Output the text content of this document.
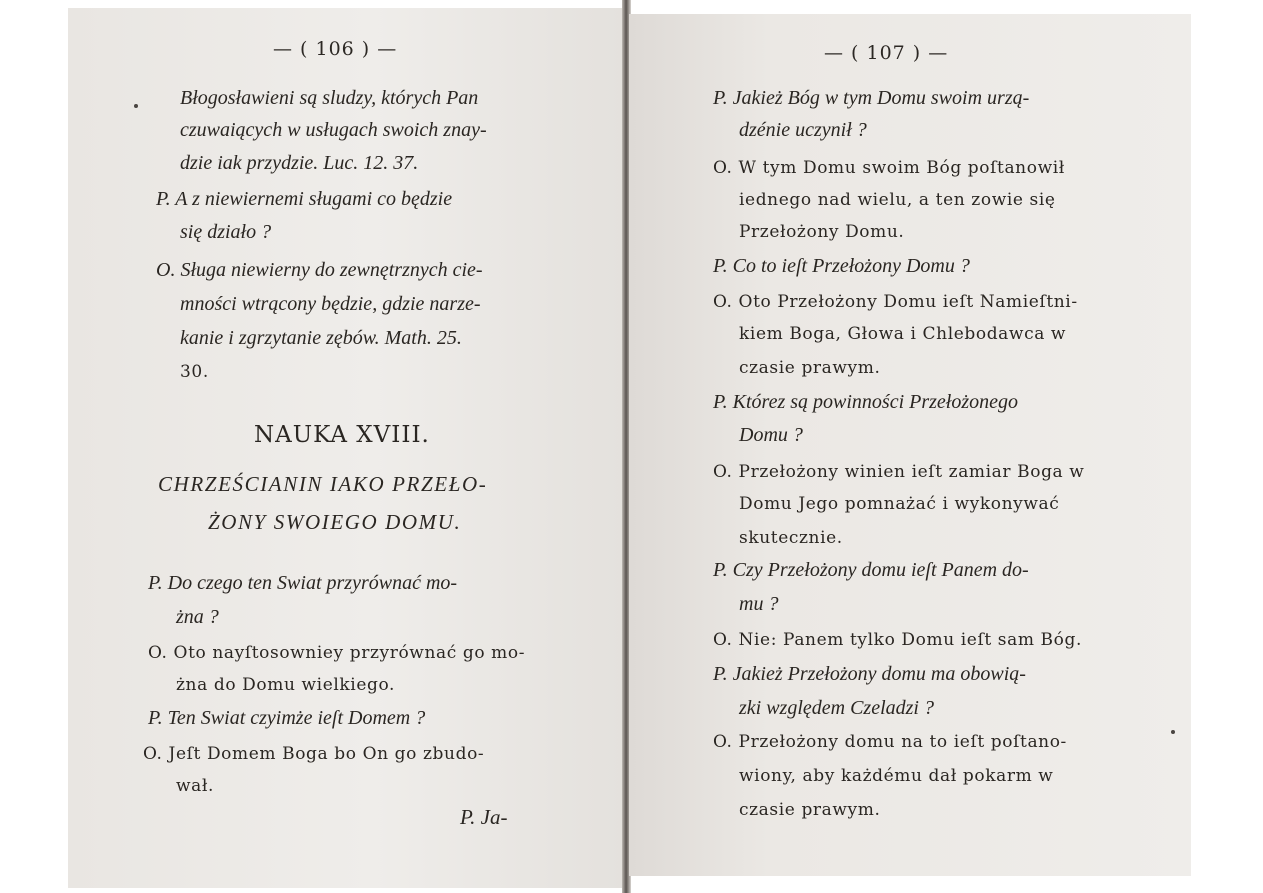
— ( 106 ) —
Błogosławieni są sludzy, których Pan
czuwaiących w usługach swoich znay-
dzie iak przydzie. Luc. 12. 37.
P. A z niewiernemi sługami co będzie
się działo ?
O. Sługa niewierny do zewnętrznych cie-
mności wtrącony będzie, gdzie narze-
kanie i zgrzytanie zębów. Math. 25.
30.
NAUKA XVIII.
CHRZEŚCIANIN IAKO PRZEŁO-
ŻONY SWOIEGO DOMU.
P. Do czego ten Swiat przyrównać mo-
żna ?
O. Oto nayſtosowniey przyrównać go mo-
żna do Domu wielkiego.
P. Ten Swiat czyimże ieſt Domem ?
O. Jeſt Domem Boga bo On go zbudo-
wał.
P. Ja-
— ( 107 ) —
P. Jakież Bóg w tym Domu swoim urzą-
dzénie uczynił ?
O. W tym Domu swoim Bóg poſtanowił
iednego nad wielu, a ten zowie się
Przełożony Domu.
P. Co to ieſt Przełożony Domu ?
O. Oto Przełożony Domu ieſt Namieſtni-
kiem Boga, Głowa i Chlebodawca w
czasie prawym.
P. Którez są powinności Przełożonego
Domu ?
O. Przełożony winien ieſt zamiar Boga w
Domu Jego pomnażać i wykonywać
skutecznie.
P. Czy Przełożony domu ieſt Panem do-
mu ?
O. Nie: Panem tylko Domu ieſt sam Bóg.
P. Jakież Przełożony domu ma obowią-
zki względem Czeladzi ?
O. Przełożony domu na to ieſt poſtano-
wiony, aby każdému dał pokarm w
czasie prawym.
